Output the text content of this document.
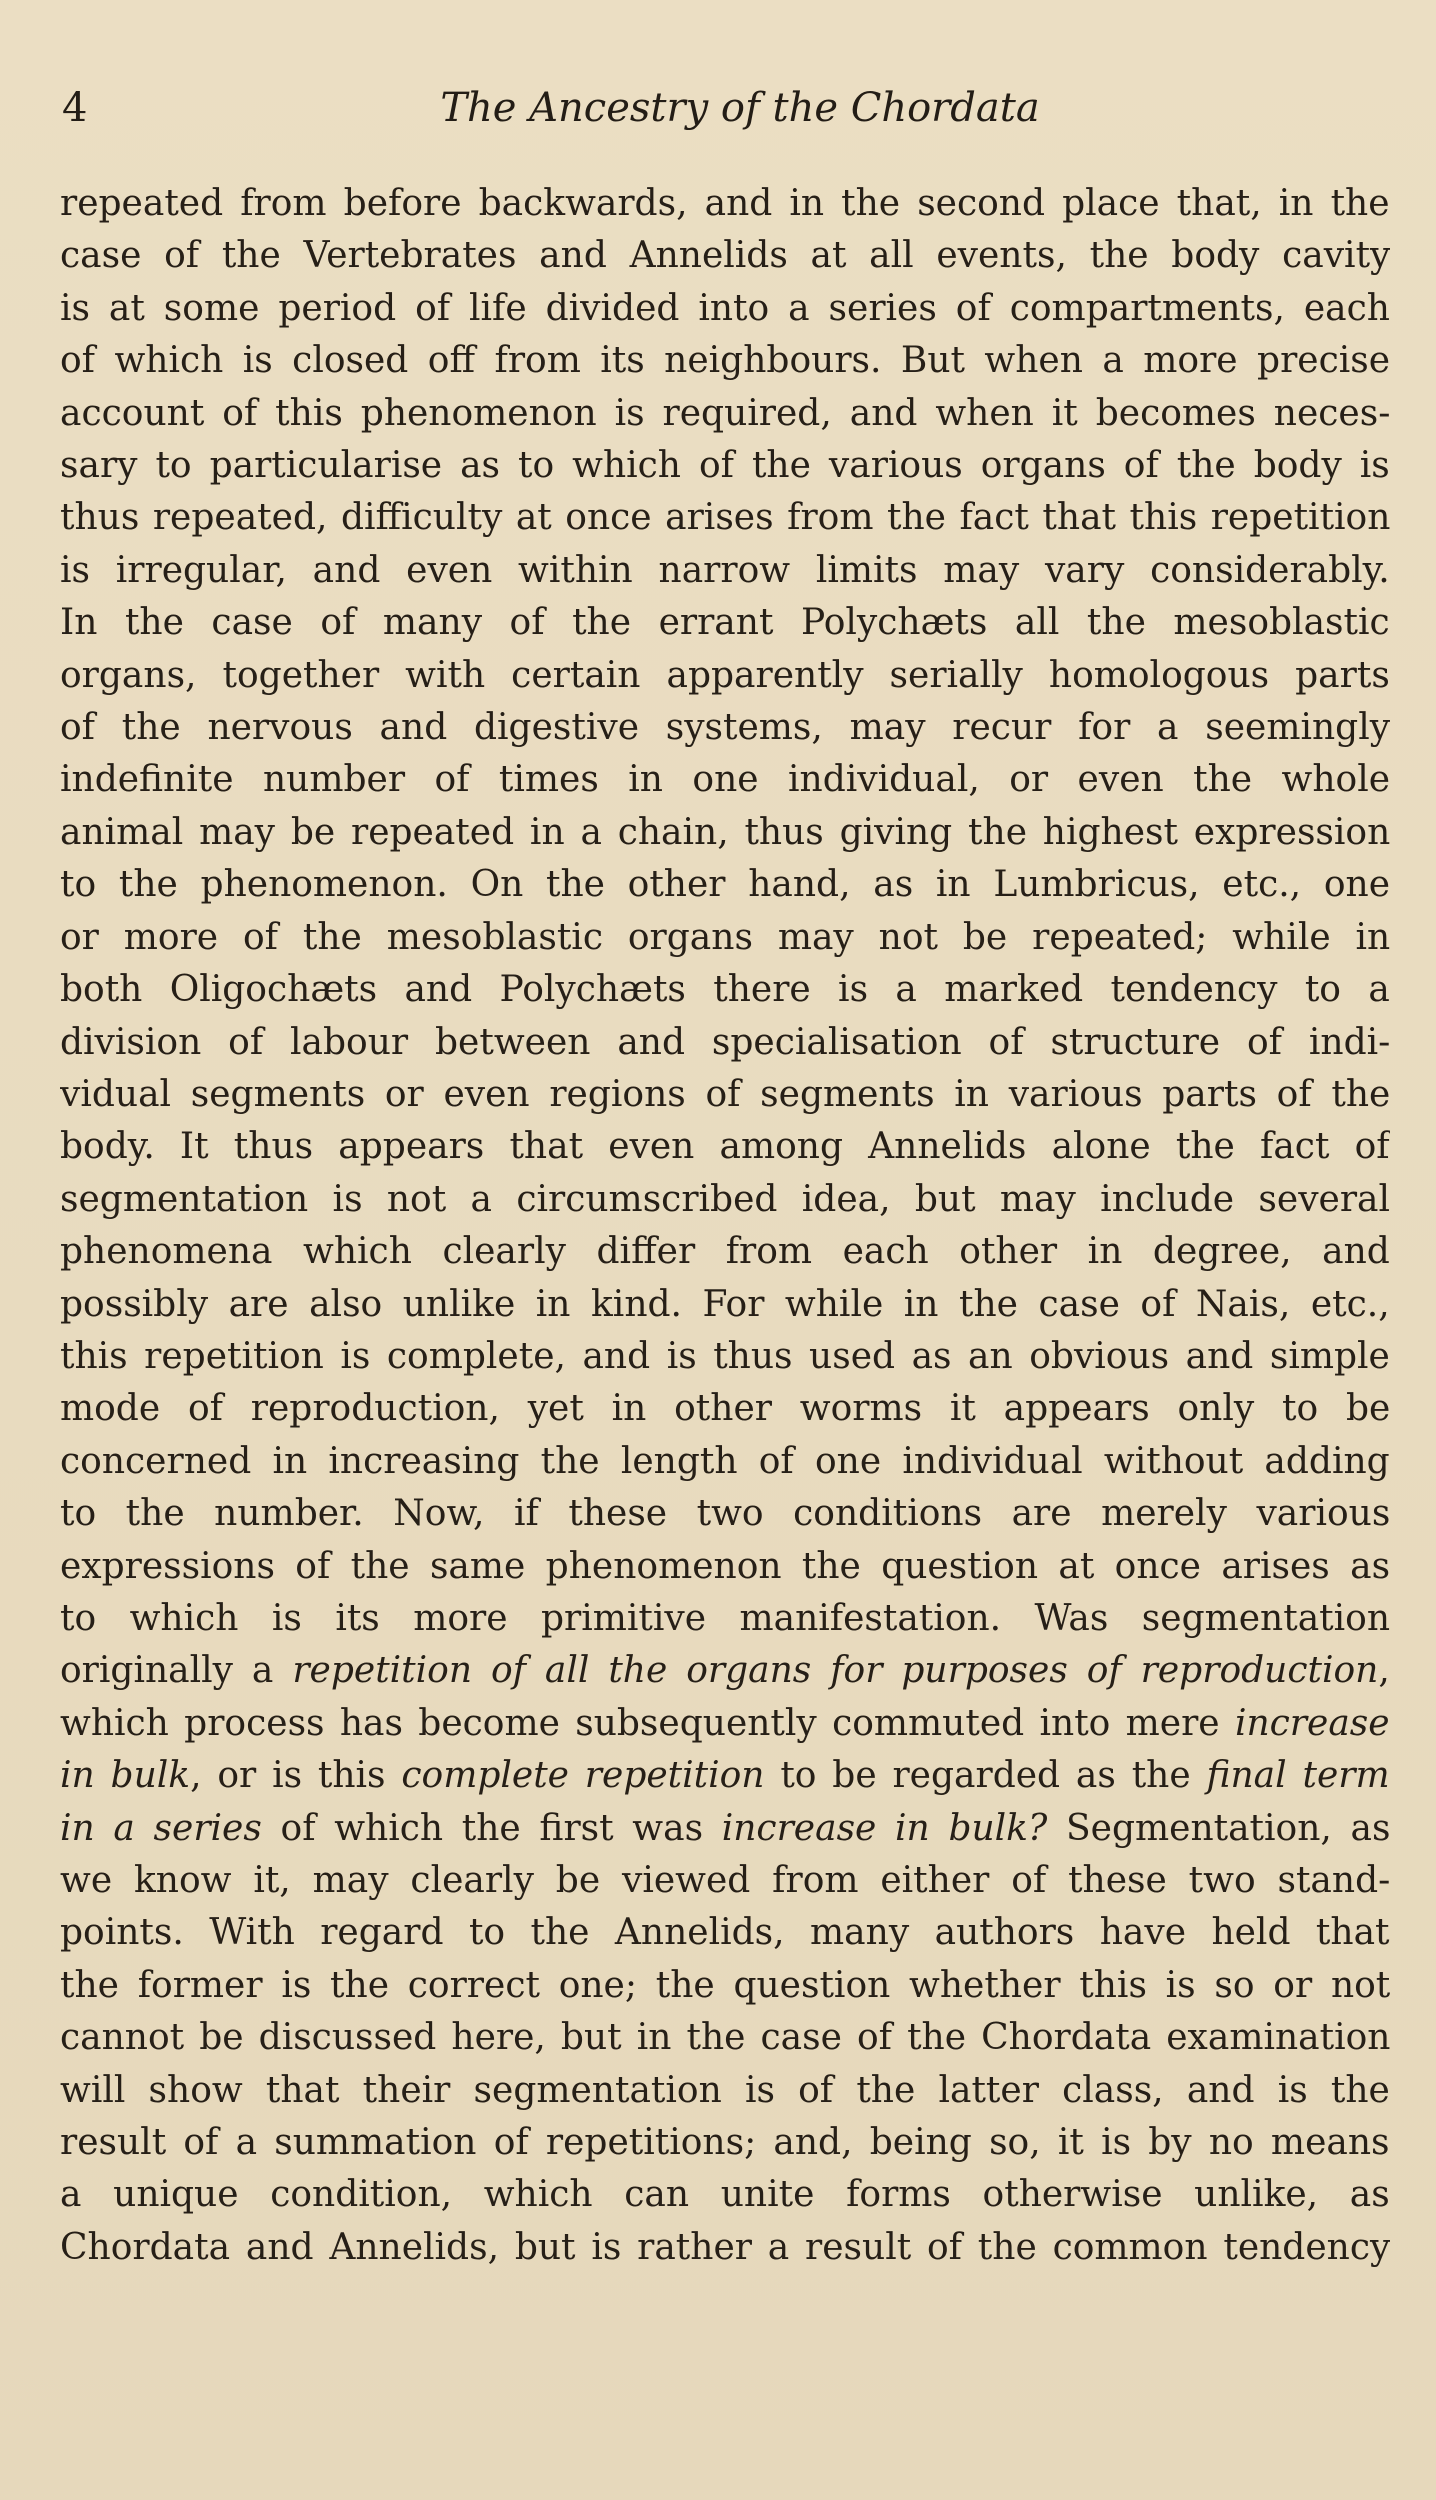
4	The Ancestry of the Chordata
repeated from before backwards, and in the second place that, in the
case of the Vertebrates and Annelids at all events, the body cavity
is at some period of life divided into a series of compartments, each
of which is closed off from its neighbours. But when a more precise
account of this phenomenon is required, and when it becomes neces-
sary to particularise as to which of the various organs of the body is
thus repeated, difficulty at once arises from the fact that this repetition
is irregular, and even within narrow limits may vary considerably.
In the case of many of the errant Polychæts all the mesoblastic
organs, together with certain apparently serially homologous parts
of the nervous and digestive systems, may recur for a seemingly
indefinite number of times in one individual, or even the whole
animal may be repeated in a chain, thus giving the highest expression
to the phenomenon. On the other hand, as in Lumbricus, etc., one
or more of the mesoblastic organs may not be repeated; while in
both Oligochæts and Polychæts there is a marked tendency to a
division of labour between and specialisation of structure of indi-
vidual segments or even regions of segments in various parts of the
body. It thus appears that even among Annelids alone the fact of
segmentation is not a circumscribed idea, but may include several
phenomena which clearly differ from each other in degree, and
possibly are also unlike in kind. For while in the case of Nais, etc.,
this repetition is complete, and is thus used as an obvious and simple
mode of reproduction, yet in other worms it appears only to be
concerned in increasing the length of one individual without adding
to the number. Now, if these two conditions are merely various
expressions of the same phenomenon the question at once arises as
to which is its more primitive manifestation. Was segmentation
originally a repetition of all the organs for purposes of reproduction,
which process has become subsequently commuted into mere increase
in bulk, or is this complete repetition to be regarded as the final term
in a series of which the first was increase in bulk? Segmentation, as
we know it, may clearly be viewed from either of these two stand-
points. With regard to the Annelids, many authors have held that
the former is the correct one; the question whether this is so or not
cannot be discussed here, but in the case of the Chordata examination
will show that their segmentation is of the latter class, and is the
result of a summation of repetitions; and, being so, it is by no means
a unique condition, which can unite forms otherwise unlike, as
Chordata and Annelids, but is rather a result of the common tendency
